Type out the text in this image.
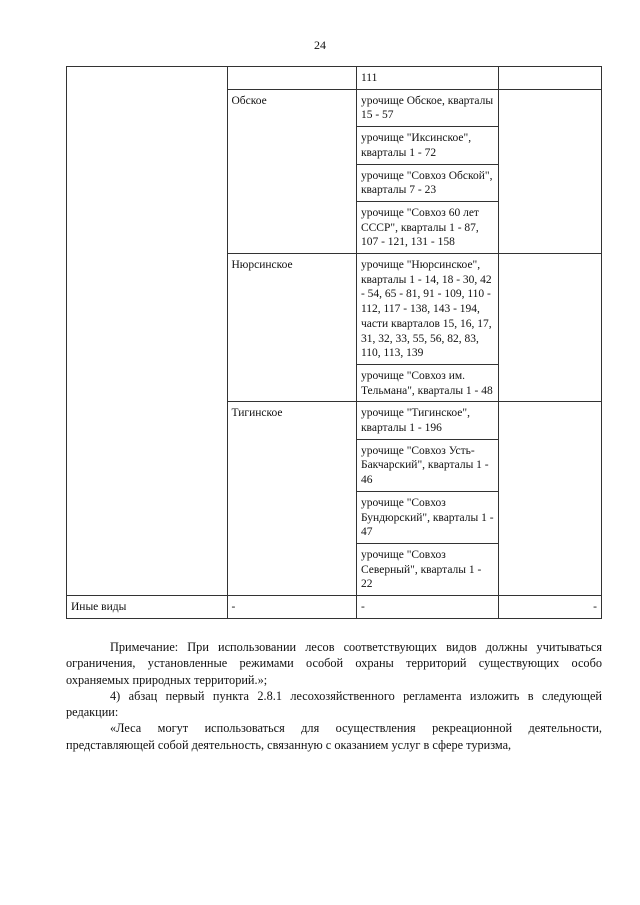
24
		111	
	Обское	урочище Обское, кварталы 15 - 57	
		урочище "Иксинское", кварталы 1 - 72	
		урочище "Совхоз Обской", кварталы 7 - 23	
		урочище "Совхоз 60 лет СССР", кварталы 1 - 87, 107 - 121, 131 - 158	
	Нюрсинское	урочище "Нюрсинское", кварталы 1 - 14, 18 - 30, 42 - 54, 65 - 81, 91 - 109, 110 - 112, 117 - 138, 143 - 194, части кварталов 15, 16, 17, 31, 32, 33, 55, 56, 82, 83, 110, 113, 139	
		урочище "Совхоз им. Тельмана", кварталы 1 - 48	
	Тигинское	урочище "Тигинское", кварталы 1 - 196	
		урочище "Совхоз Усть-Бакчарский", кварталы 1 - 46	
		урочище "Совхоз Бундюрский", кварталы 1 - 47	
		урочище "Совхоз Северный", кварталы 1 - 22	
Иные виды	-	-	-

Примечание: При использовании лесов соответствующих видов должны учитываться ограничения, установленные режимами особой охраны территорий существующих особо охраняемых природных территорий.»;

4) абзац первый пункта 2.8.1 лесохозяйственного регламента изложить в следующей редакции:

«Леса могут использоваться для осуществления рекреационной деятельности, представляющей собой деятельность, связанную с оказанием услуг в сфере туризма,
